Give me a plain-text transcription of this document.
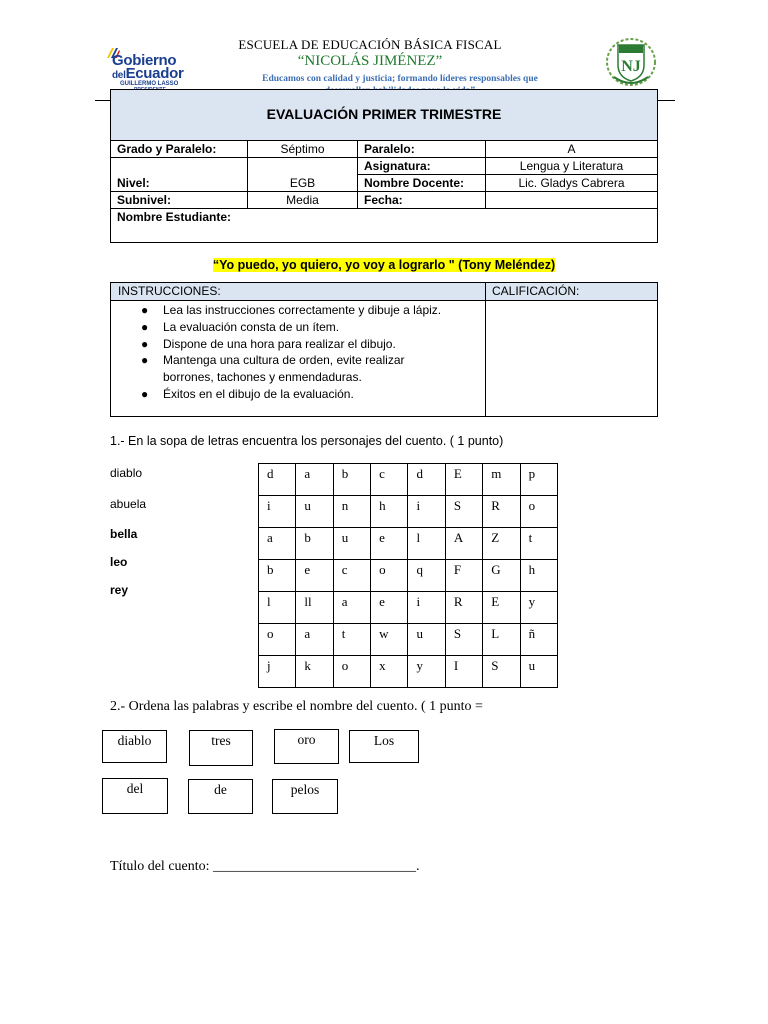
Gobierno
delEcuador
GUILLERMO LASSO
ESCUELA DE EDUCACIÓN BÁSICA FISCAL
“NICOLÁS JIMÉNEZ”
Educamos con calidad y justicia; formando líderes responsables que
NJ
EVALUACIÓN PRIMER TRIMESTRE
Grado y Paralelo:	Séptimo	Paralelo:	A
Asignatura:	Lengua y Literatura
Nivel:	EGB	Nombre Docente:	Lic. Gladys Cabrera
Subnivel:	Media	Fecha:
Nombre Estudiante:
“Yo puedo, yo quiero, yo voy a lograrlo " (Tony Meléndez)
INSTRUCCIONES:	CALIFICACIÓN:
● Lea las instrucciones correctamente y dibuje a lápiz.
● La evaluación consta de un ítem.
● Dispone de una hora para realizar el dibujo.
● Mantenga una cultura de orden, evite realizar
borrones, tachones y enmendaduras.
● Éxitos en el dibujo de la evaluación.
1.- En la sopa de letras encuentra los personajes del cuento. ( 1 punto)
diablo
abuela
bella
leo
rey
d	a	b	c	d	E	m	p
i	u	n	h	i	S	R	o
a	b	u	e	l	A	Z	t
b	e	c	o	q	F	G	h
l	ll	a	e	i	R	E	y
o	a	t	w	u	S	L	ñ
j	k	o	x	y	I	S	u
2.- Ordena las palabras y escribe el nombre del cuento. ( 1 punto =
diablo	tres	oro	Los
del	de	pelos
Título del cuento: _____________________________.
